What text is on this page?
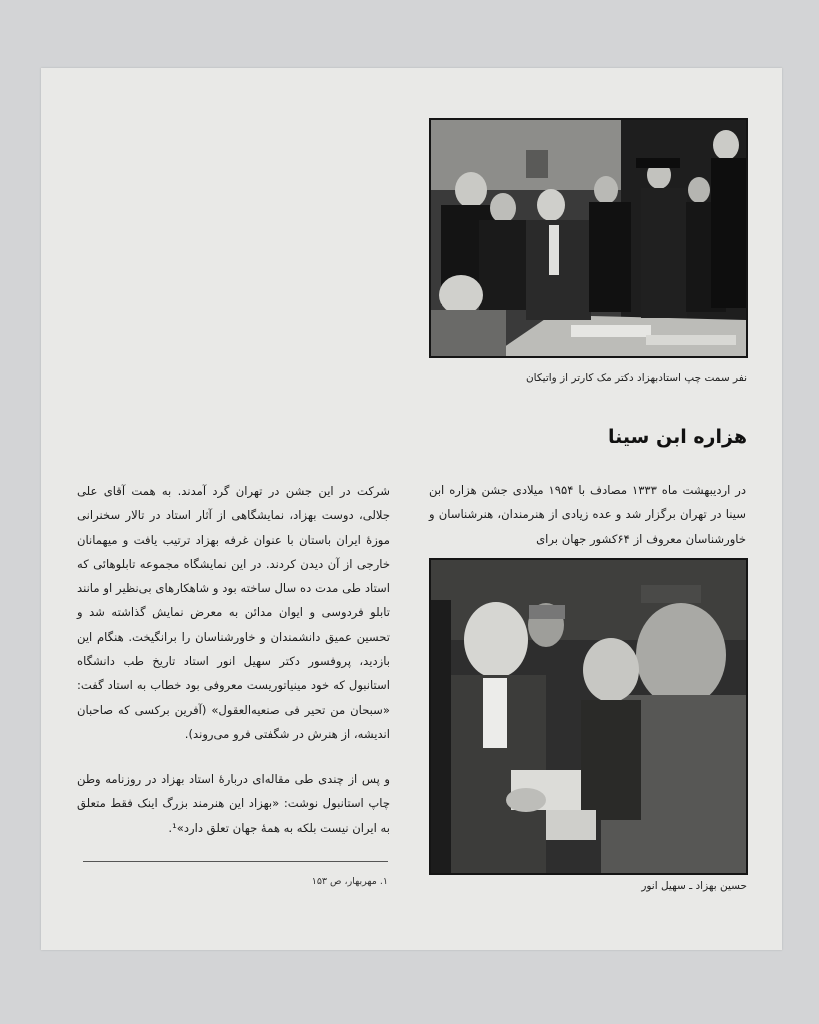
نفر سمت چپ استادبهزاد دکتر مک کارتر از واتیکان
هزاره ابن سینا
در اردیبهشت ماه ۱۳۳۳ مصادف با ۱۹۵۴ میلادی جشن هزاره ابن سینا در تهران برگزار شد و عده زیادی از هنرمندان، هنرشناسان و خاورشناسان معروف از ۶۴کشور جهان برای
حسین بهزاد ـ سهیل انور
شرکت در این جشن در تهران گرد آمدند. به همت آقای علی جلالی، دوست بهزاد، نمایشگاهی از آثار استاد در تالار سخنرانی موزهٔ ایران باستان با عنوان غرفه بهزاد ترتیب یافت و میهمانان خارجی از آن دیدن کردند. در این نمایشگاه مجموعه تابلوهائی که استاد طی مدت ده سال ساخته بود و شاهکارهای بی‌نظیر او مانند تابلو فردوسی و ایوان مدائن به معرض نمایش گذاشته شد و تحسین عمیق دانشمندان و خاورشناسان را برانگیخت. هنگام این بازدید، پروفسور دکتر سهیل انور استاد تاریخ طب دانشگاه استانبول که خود مینیاتوریست معروفی بود خطاب به استاد گفت: «سبحان من تحیر فی صنعیه‌العقول» (آفرین برکسی که صاحبان اندیشه، از هنرش در شگفتی فرو می‌روند).
و پس از چندی طی مقاله‌ای دربارهٔ استاد بهزاد در روزنامه وطن چاپ استانبول نوشت: «بهزاد این هنرمند بزرگ اینک فقط متعلق به ایران نیست بلکه به همهٔ جهان تعلق دارد»¹.
۱. مهربهار، ص ۱۵۳
